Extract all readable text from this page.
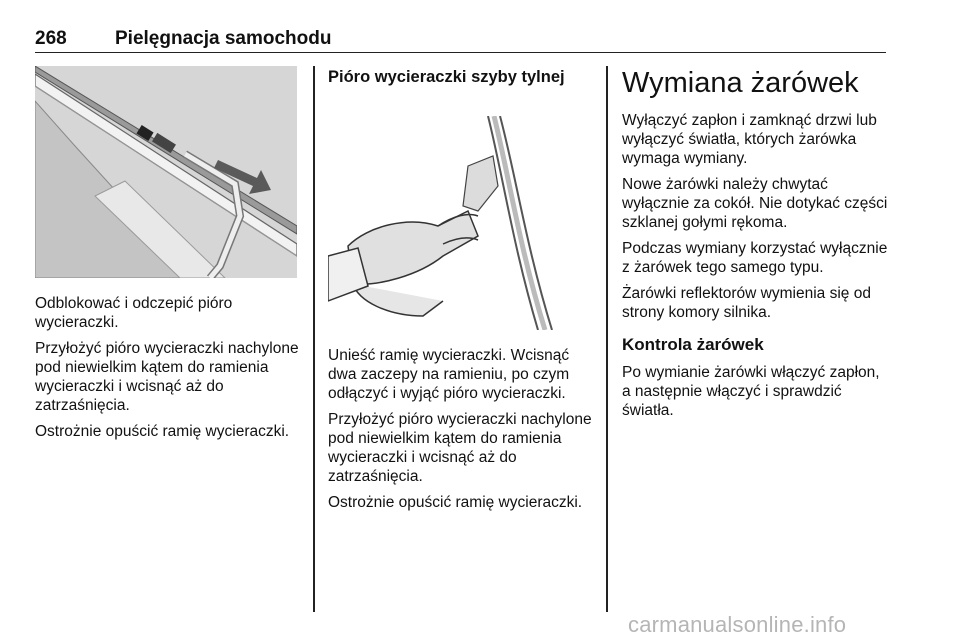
268	Pielęgnacja samochodu

Odblokować i odczepić pióro wycieraczki.

Przyłożyć pióro wycieraczki nachylone pod niewielkim kątem do ramienia wycieraczki i wcisnąć aż do zatrzaśnięcia.

Ostrożnie opuścić ramię wycieraczki.

Pióro wycieraczki szyby tylnej

Unieść ramię wycieraczki. Wcisnąć dwa zaczepy na ramieniu, po czym odłączyć i wyjąć pióro wycieraczki.

Przyłożyć pióro wycieraczki nachylone pod niewielkim kątem do ramienia wycieraczki i wcisnąć aż do zatrzaśnięcia.

Ostrożnie opuścić ramię wycieraczki.

Wymiana żarówek

Wyłączyć zapłon i zamknąć drzwi lub wyłączyć światła, których żarówka wymaga wymiany.

Nowe żarówki należy chwytać wyłącznie za cokół. Nie dotykać części szklanej gołymi rękoma.

Podczas wymiany korzystać wyłącznie z żarówek tego samego typu.

Żarówki reflektorów wymienia się od strony komory silnika.

Kontrola żarówek

Po wymianie żarówki włączyć zapłon, a następnie włączyć i sprawdzić światła.

carmanualsonline.info
